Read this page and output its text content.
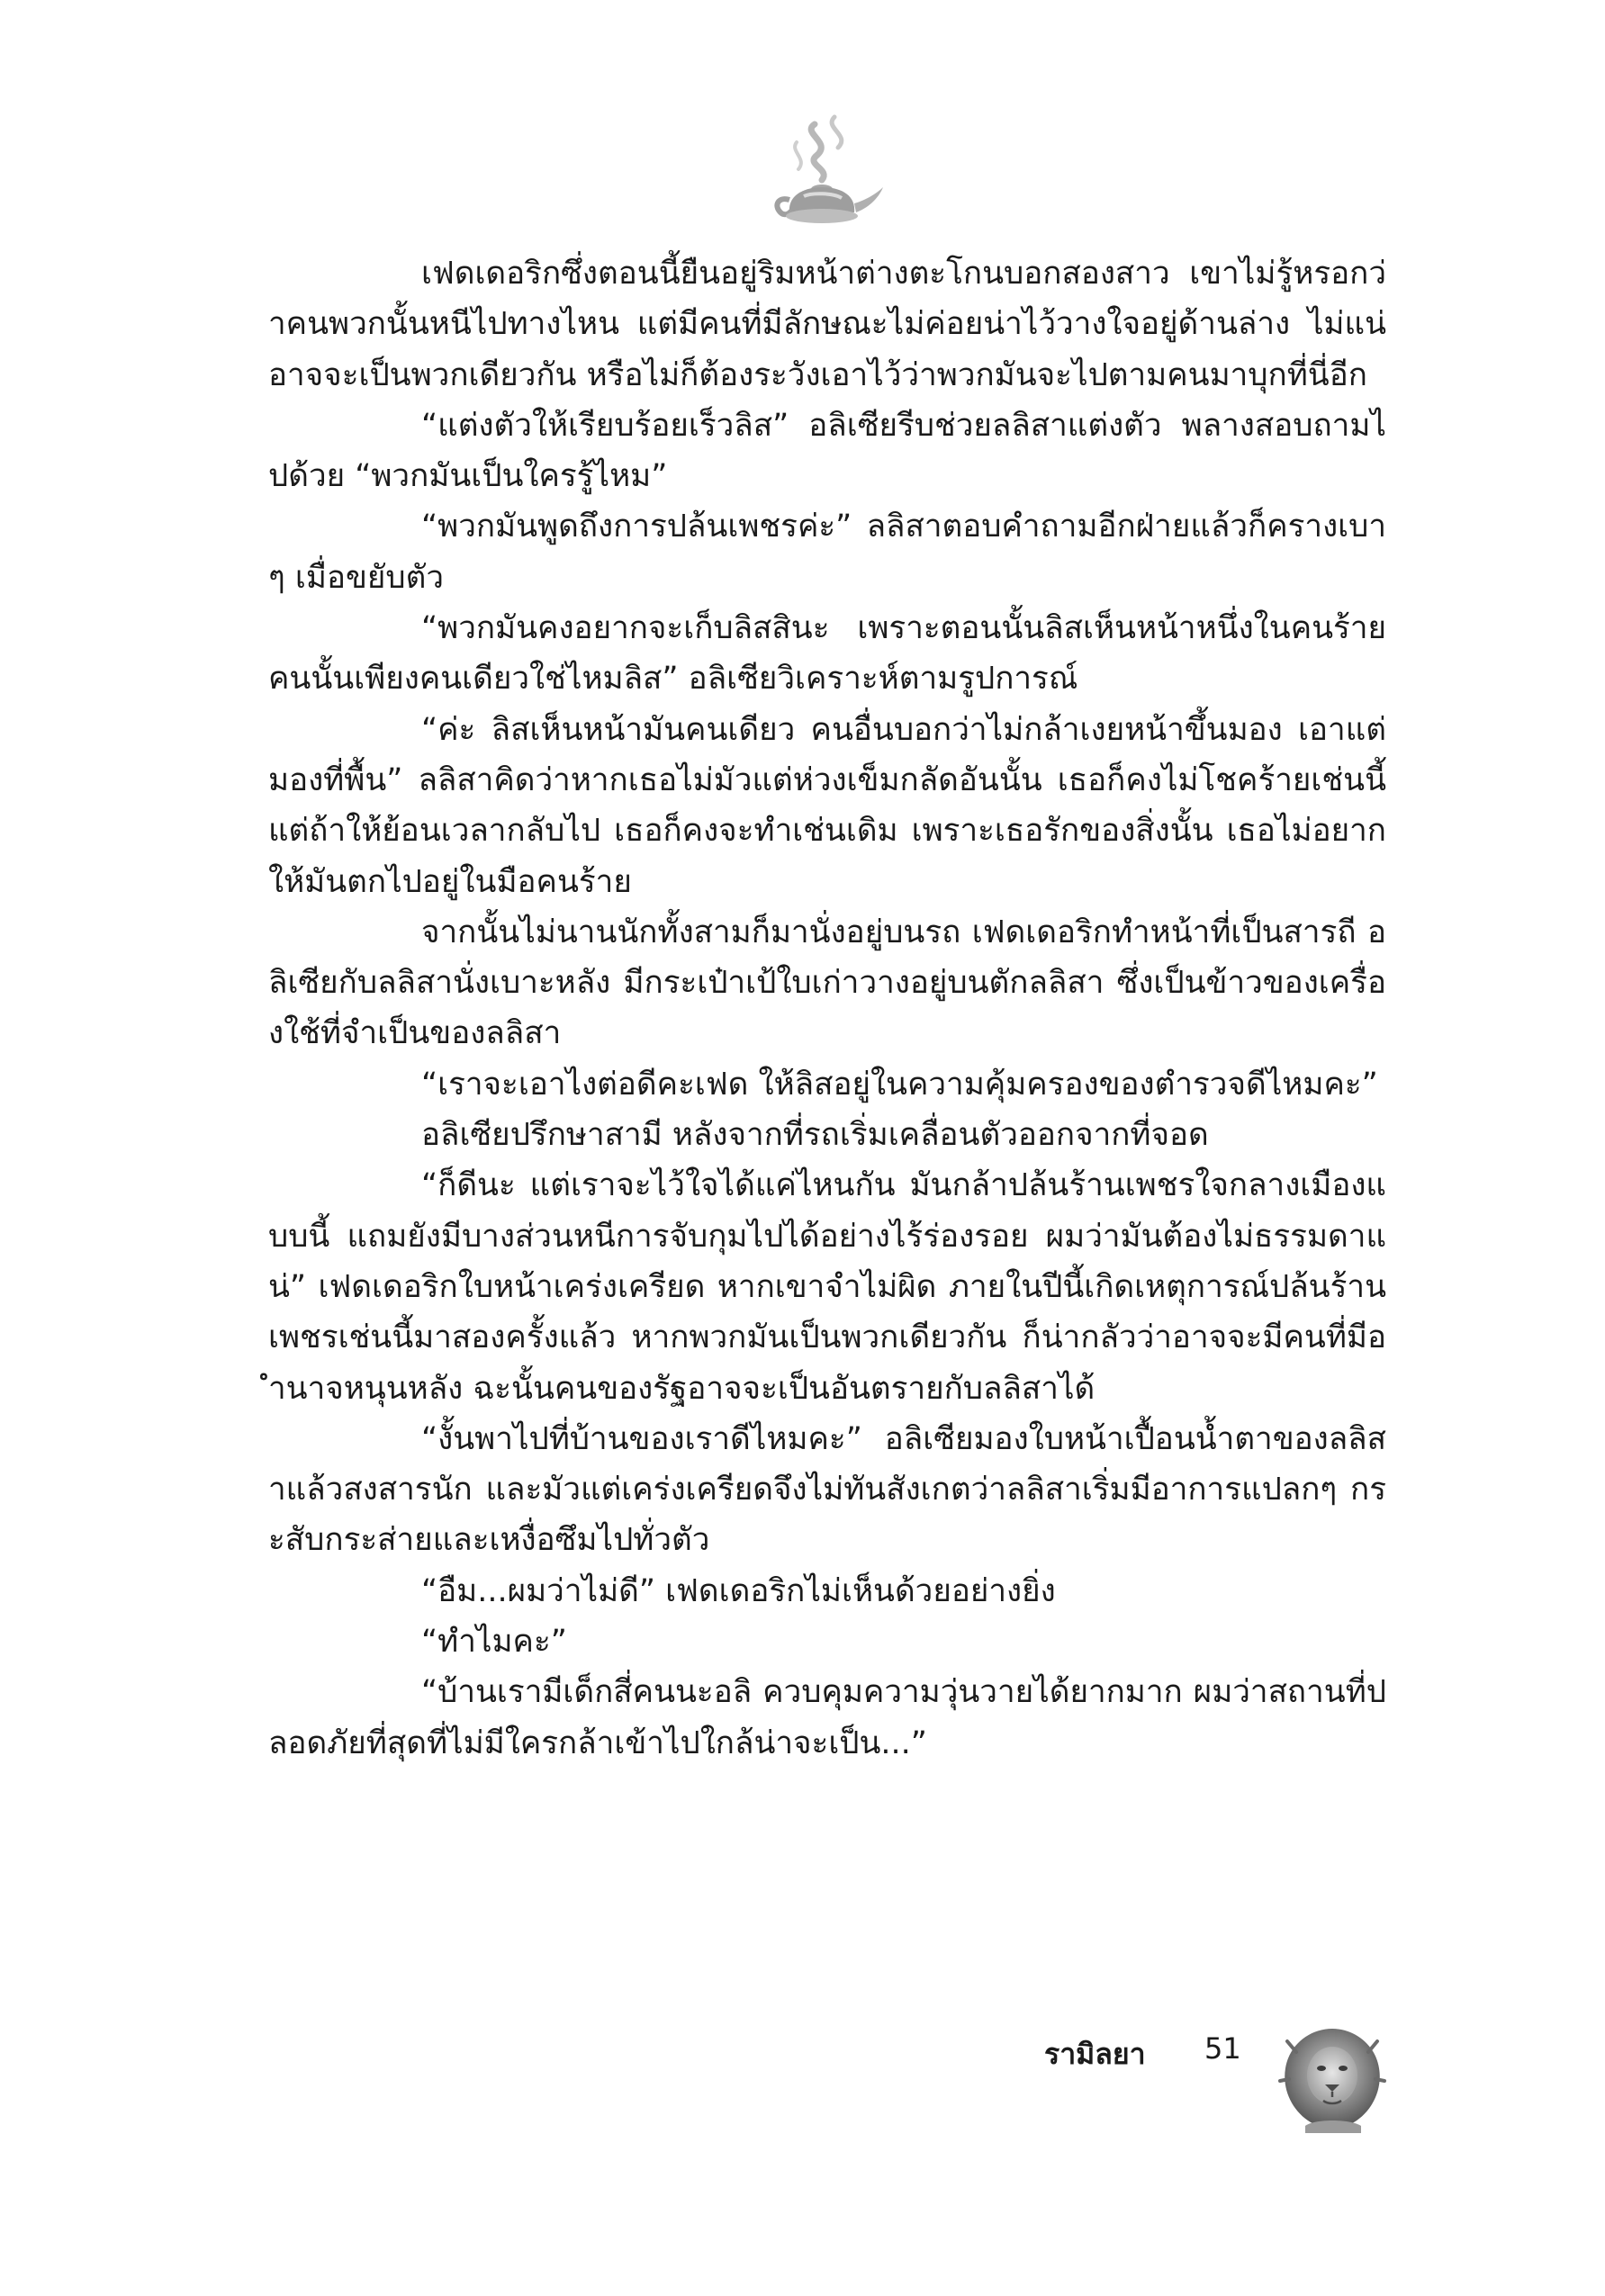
เฟดเดอริกซึ่งตอนนี้ยืนอยู่ริมหน้าต่างตะโกนบอกสองสาว เขาไม่รู้หรอกว่าคนพวกนั้นหนีไปทางไหน แต่มีคนที่มีลักษณะไม่ค่อยน่าไว้วางใจอยู่ด้านล่าง ไม่แน่อาจจะเป็นพวกเดียวกัน หรือไม่ก็ต้องระวังเอาไว้ว่าพวกมันจะไปตามคนมาบุกที่นี่อีก

“แต่งตัวให้เรียบร้อยเร็วลิส” อลิเซียรีบช่วยลลิสาแต่งตัว พลางสอบถามไปด้วย “พวกมันเป็นใครรู้ไหม”

“พวกมันพูดถึงการปล้นเพชรค่ะ” ลลิสาตอบคำถามอีกฝ่ายแล้วก็ครางเบาๆ เมื่อขยับตัว

“พวกมันคงอยากจะเก็บลิสสินะ เพราะตอนนั้นลิสเห็นหน้าหนึ่งในคนร้ายคนนั้นเพียงคนเดียวใช่ไหมลิส” อลิเซียวิเคราะห์ตามรูปการณ์

“ค่ะ ลิสเห็นหน้ามันคนเดียว คนอื่นบอกว่าไม่กล้าเงยหน้าขึ้นมอง เอาแต่มองที่พื้น” ลลิสาคิดว่าหากเธอไม่มัวแต่ห่วงเข็มกลัดอันนั้น เธอก็คงไม่โชคร้ายเช่นนี้ แต่ถ้าให้ย้อนเวลากลับไป เธอก็คงจะทำเช่นเดิม เพราะเธอรักของสิ่งนั้น เธอไม่อยากให้มันตกไปอยู่ในมือคนร้าย

จากนั้นไม่นานนักทั้งสามก็มานั่งอยู่บนรถ เฟดเดอริกทำหน้าที่เป็นสารถี อลิเซียกับลลิสานั่งเบาะหลัง มีกระเป๋าเป้ใบเก่าวางอยู่บนตักลลิสา ซึ่งเป็นข้าวของเครื่องใช้ที่จำเป็นของลลิสา

“เราจะเอาไงต่อดีคะเฟด ให้ลิสอยู่ในความคุ้มครองของตำรวจดีไหมคะ”

อลิเซียปรึกษาสามี หลังจากที่รถเริ่มเคลื่อนตัวออกจากที่จอด

“ก็ดีนะ แต่เราจะไว้ใจได้แค่ไหนกัน มันกล้าปล้นร้านเพชรใจกลางเมืองแบบนี้ แถมยังมีบางส่วนหนีการจับกุมไปได้อย่างไร้ร่องรอย ผมว่ามันต้องไม่ธรรมดาแน่” เฟดเดอริกใบหน้าเคร่งเครียด หากเขาจำไม่ผิด ภายในปีนี้เกิดเหตุการณ์ปล้นร้านเพชรเช่นนี้มาสองครั้งแล้ว หากพวกมันเป็นพวกเดียวกัน ก็น่ากลัวว่าอาจจะมีคนที่มีอำนาจหนุนหลัง ฉะนั้นคนของรัฐอาจจะเป็นอันตรายกับลลิสาได้

“งั้นพาไปที่บ้านของเราดีไหมคะ” อลิเซียมองใบหน้าเปื้อนน้ำตาของลลิสาแล้วสงสารนัก และมัวแต่เคร่งเครียดจึงไม่ทันสังเกตว่าลลิสาเริ่มมีอาการแปลกๆ กระสับกระส่ายและเหงื่อซึมไปทั่วตัว

“อืม...ผมว่าไม่ดี” เฟดเดอริกไม่เห็นด้วยอย่างยิ่ง

“ทำไมคะ”

“บ้านเรามีเด็กสี่คนนะอลิ ควบคุมความวุ่นวายได้ยากมาก ผมว่าสถานที่ปลอดภัยที่สุดที่ไม่มีใครกล้าเข้าไปใกล้น่าจะเป็น...”

รามิลยา 51
